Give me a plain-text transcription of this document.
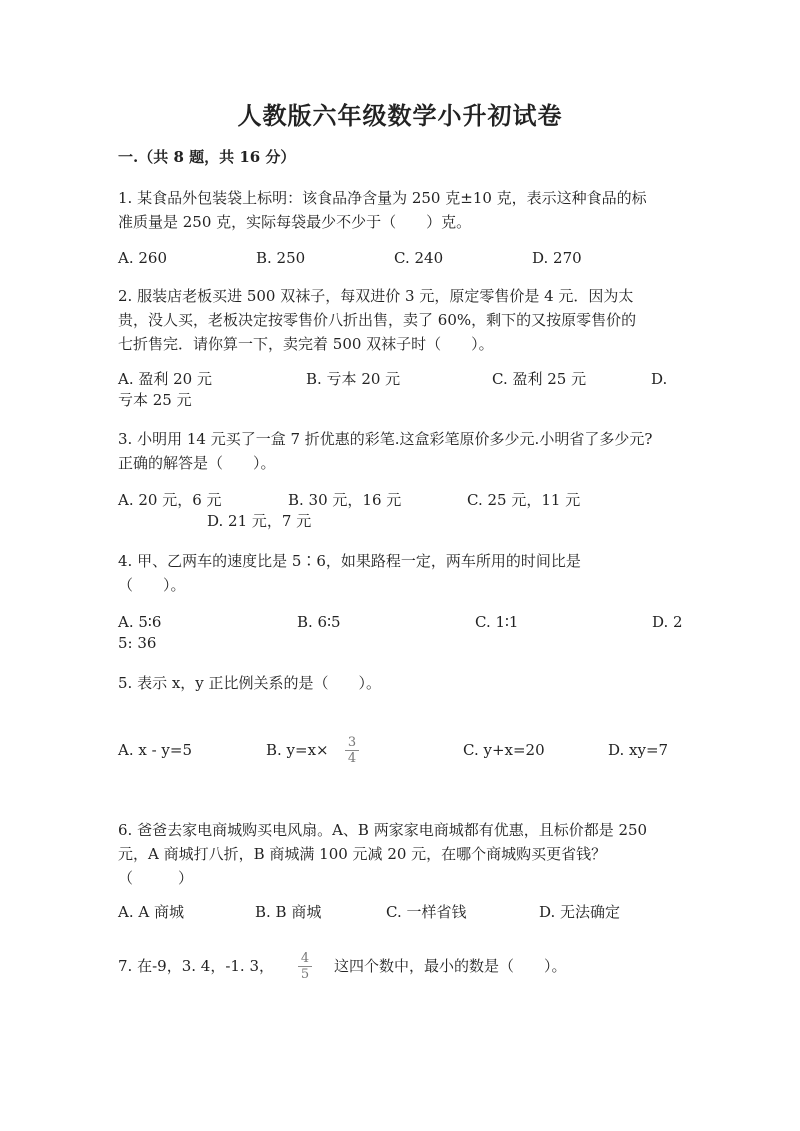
人教版六年级数学小升初试卷
一.（共 8 题，共 16 分）
1. 某食品外包装袋上标明：该食品净含量为 250 克±10 克，表示这种食品的标
准质量是 250 克，实际每袋最少不少于（　　）克。
A. 260	B. 250	C. 240	D. 270
2. 服装店老板买进 500 双袜子，每双进价 3 元，原定零售价是 4 元．因为太
贵，没人买，老板决定按零售价八折出售，卖了 60%，剩下的又按原零售价的
七折售完．请你算一下，卖完着 500 双袜子时（　　）。
A. 盈利 20 元	B. 亏本 20 元	C. 盈利 25 元	D.
亏本 25 元
3. 小明用 14 元买了一盒 7 折优惠的彩笔.这盒彩笔原价多少元.小明省了多少元?
正确的解答是（　　）。
A. 20 元，6 元	B. 30 元，16 元	C. 25 元，11 元
D. 21 元，7 元
4. 甲、乙两车的速度比是 5∶6，如果路程一定，两车所用的时间比是
（　　）。
A. 5∶6	B. 6∶5	C. 1∶1	D. 2
5: 36
5. 表示 x，y 正比例关系的是（　　）。
A. x - y=5	B. $y=x\times \frac{3}{4}$	C. y+x=20	D. xy=7
6. 爸爸去家电商城购买电风扇。A、B 两家家电商城都有优惠，且标价都是 250
元，A 商城打八折，B 商城满 100 元减 20 元，在哪个商城购买更省钱？
（　　　）
A. A 商城	B. B 商城	C. 一样省钱	D. 无法确定
7. 在-9，3. 4，-1. 3， $\frac{4}{5}$ 这四个数中，最小的数是（　　）。
